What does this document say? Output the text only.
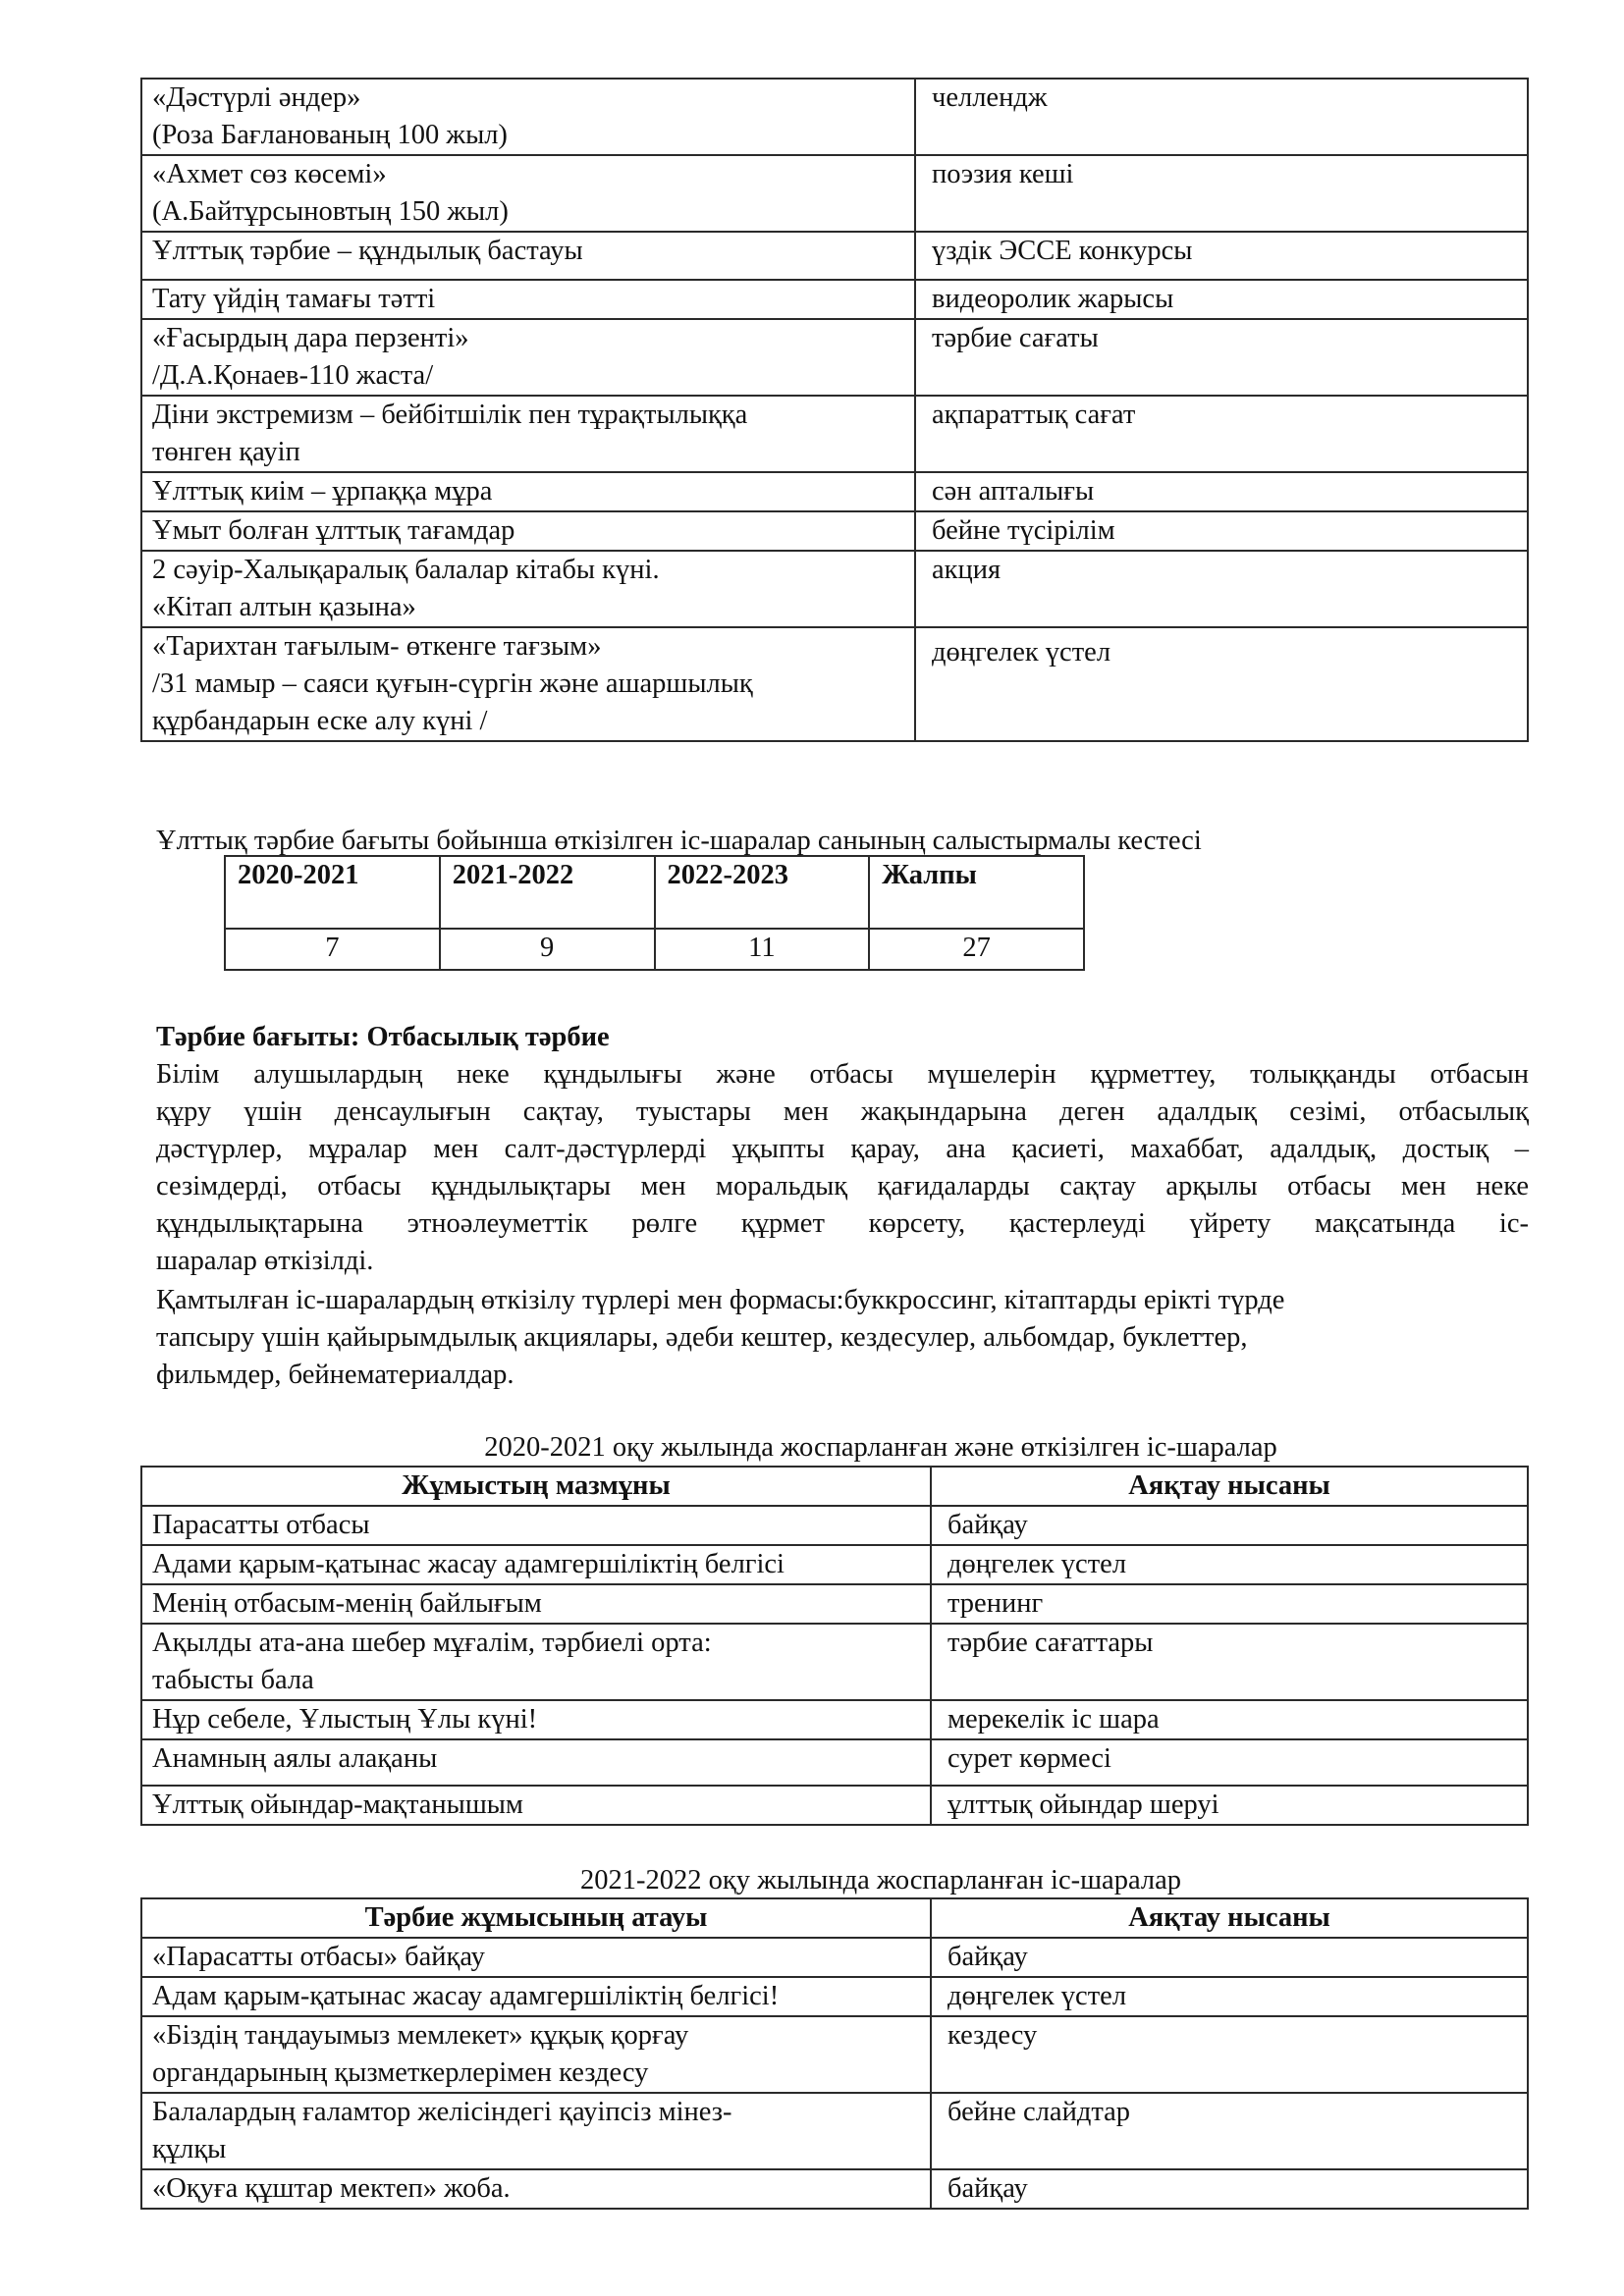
«Дәстүрлі әндер»
(Роза Бағланованың 100 жыл)	челлендж

«Ахмет сөз көсемі»
(А.Байтұрсыновтың 150 жыл)	поэзия кеші

Ұлттық тәрбие – құндылық бастауы	үздік ЭССЕ конкурсы

Тату үйдің тамағы тәтті	видеоролик жарысы

«Ғасырдың дара перзенті»
/Д.А.Қонаев-110 жаста/	тәрбие сағаты

Діни экстремизм – бейбітшілік пен тұрақтылыққа
төнген қауіп	ақпараттық сағат

Ұлттық киім – ұрпаққа мұра	сән апталығы

Ұмыт болған ұлттық тағамдар	бейне түсірілім

2 сәуір-Халықаралық балалар кітабы күні.
«Кітап алтын қазына»	акция

«Тарихтан тағылым- өткенге тағзым»
/31 мамыр – саяси қуғын-сүргін және ашаршылық
құрбандарын еске алу күні /	дөңгелек үстел
Ұлттық тәрбие бағыты бойынша өткізілген іс-шаралар санының салыстырмалы кестесі
2020-2021	2021-2022	2022-2023	Жалпы
7	9	11	27
Тәрбие бағыты: Отбасылық тәрбие
Білім алушылардың неке құндылығы және отбасы мүшелерін құрметтеу, толыққанды отбасын
құру үшін денсаулығын сақтау, туыстары мен жақындарына деген адалдық сезімі, отбасылық
дәстүрлер, мұралар мен салт-дәстүрлерді ұқыпты қарау, ана қасиеті, махаббат, адалдық, достық –
сезімдерді, отбасы құндылықтары мен моральдық қағидаларды сақтау арқылы отбасы мен неке
құндылықтарына этноәлеуметтік рөлге құрмет көрсету, қастерлеуді үйрету мақсатында іс-
шаралар өткізілді.
Қамтылған іс-шаралардың өткізілу түрлері мен формасы:буккроссинг, кітаптарды ерікті түрде
тапсыру үшін қайырымдылық акциялары, әдеби кештер, кездесулер, альбомдар, буклеттер,
фильмдер, бейнематериалдар.
2020-2021 оқу жылында жоспарланған және өткізілген іс-шаралар
Жұмыстың мазмұны	Аяқтау нысаны

Парасатты отбасы	байқау

Адами қарым-қатынас жасау адамгершіліктің белгісі	дөңгелек үстел

Менің отбасым-менің байлығым	тренинг

Ақылды ата-ана шебер мұғалім, тәрбиелі орта:
табысты бала	тәрбие сағаттары

Нұр себеле, Ұлыстың Ұлы күні!	мерекелік іс шара

Анамның аялы алақаны	сурет көрмесі

Ұлттық ойындар-мақтанышым	ұлттық ойындар шеруі
2021-2022 оқу жылында жоспарланған іс-шаралар
Тәрбие жұмысының атауы	Аяқтау нысаны

«Парасатты отбасы» байқау	байқау

Адам қарым-қатынас жасау адамгершіліктің белгісі!	дөңгелек үстел

«Біздің таңдауымыз мемлекет» құқық қорғау
органдарының қызметкерлерімен кездесу	кездесу

Балалардың ғаламтор желісіндегі қауіпсіз мінез-
құлқы	бейне слайдтар

«Оқуға құштар мектеп» жоба.	байқау
